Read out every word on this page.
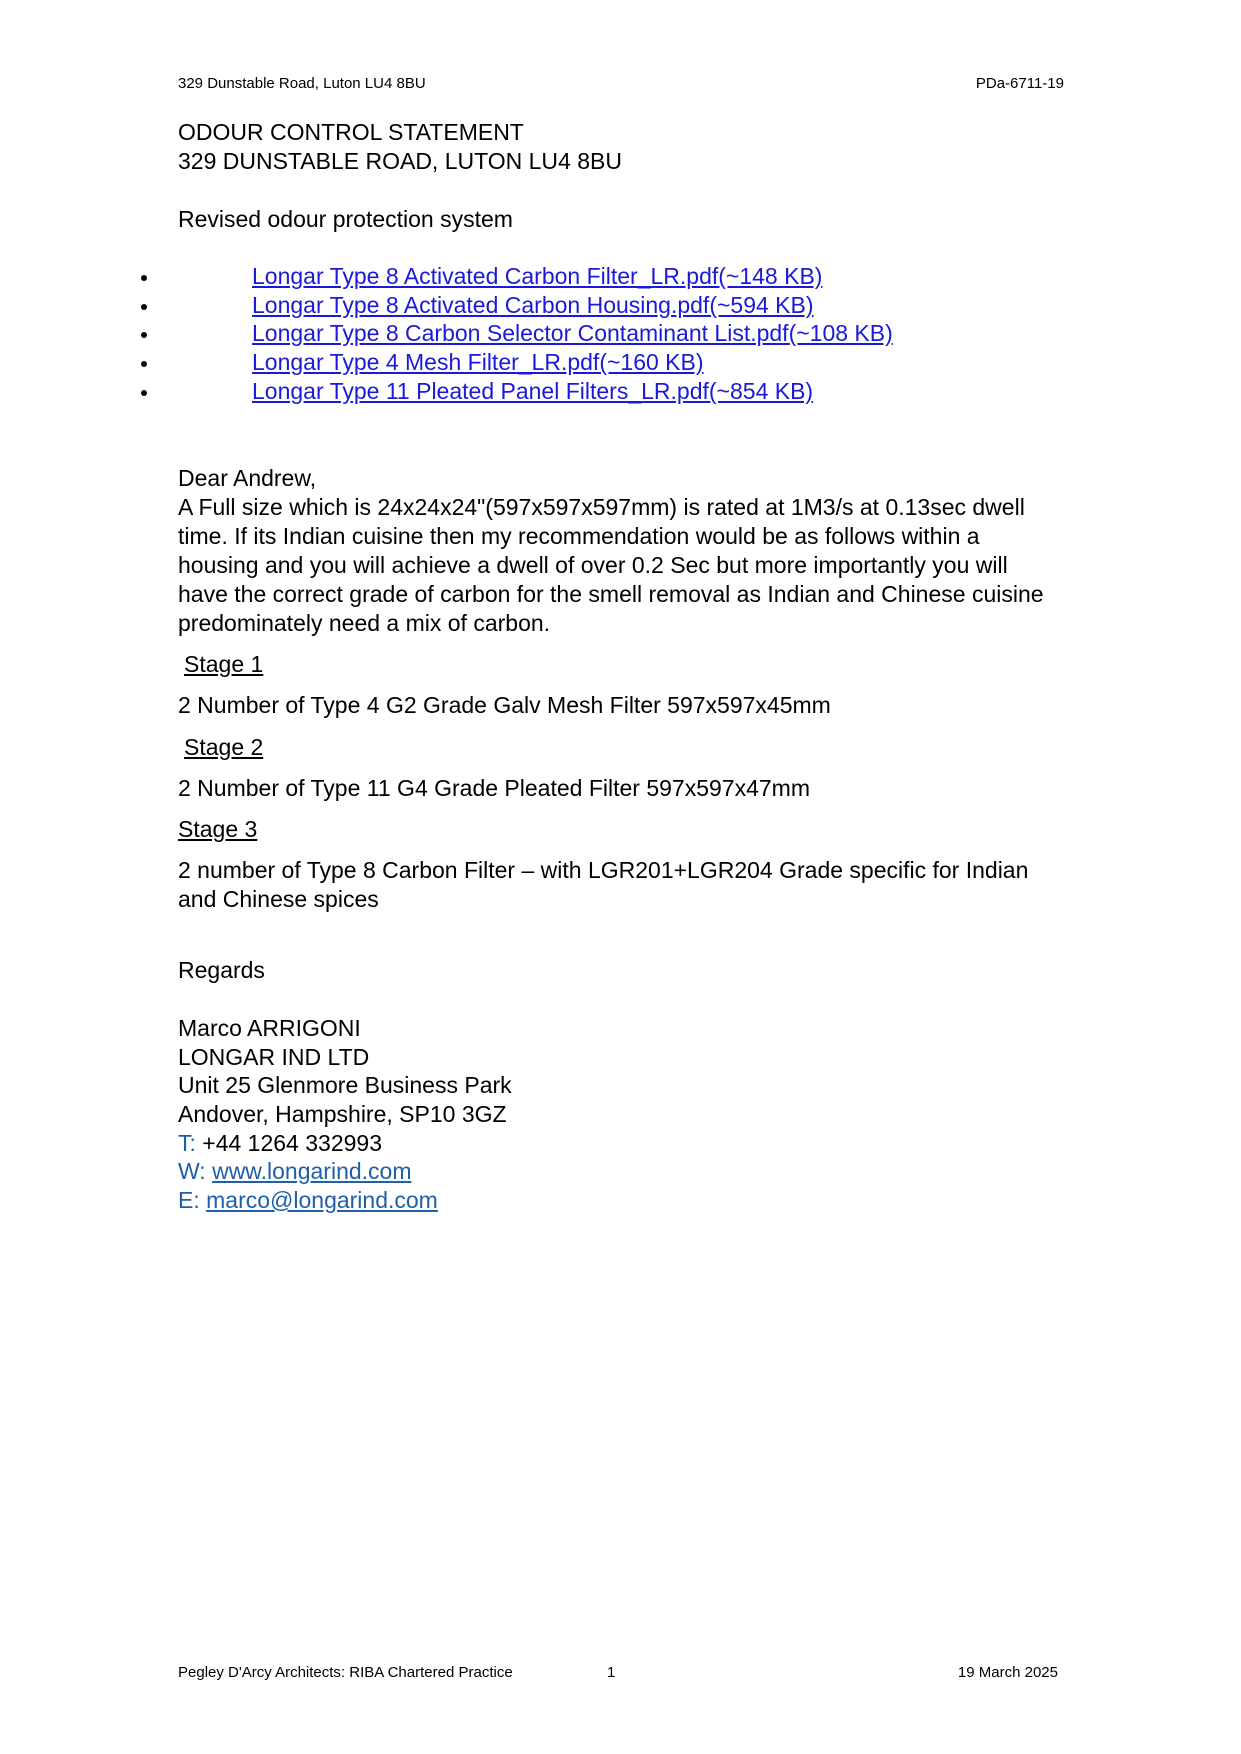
329 Dunstable Road, Luton LU4 8BU	PDa-6711-19
ODOUR CONTROL STATEMENT
329 DUNSTABLE ROAD, LUTON LU4 8BU
Revised odour protection system
Longar Type 8 Activated Carbon Filter_LR.pdf(~148 KB)
Longar Type 8 Activated Carbon Housing.pdf(~594 KB)
Longar Type 8 Carbon Selector Contaminant List.pdf(~108 KB)
Longar Type 4 Mesh Filter_LR.pdf(~160 KB)
Longar Type 11 Pleated Panel Filters_LR.pdf(~854 KB)
Dear Andrew,
A Full size which is 24x24x24"(597x597x597mm) is rated at 1M3/s at 0.13sec dwell time. If its Indian cuisine then my recommendation would be as follows within a housing and you will achieve a dwell of over 0.2 Sec but more importantly you will have the correct grade of carbon for the smell removal as Indian and Chinese cuisine predominately need a mix of carbon.
Stage 1
2 Number of Type 4 G2 Grade Galv Mesh Filter 597x597x45mm
Stage 2
2 Number of Type 11 G4 Grade Pleated Filter 597x597x47mm
Stage 3
2 number of Type 8 Carbon Filter – with LGR201+LGR204 Grade specific for Indian and Chinese spices
Regards
Marco ARRIGONI
LONGAR IND LTD
Unit 25 Glenmore Business Park
Andover, Hampshire, SP10 3GZ
T: +44 1264 332993
W: www.longarind.com
E: marco@longarind.com
Pegley D'Arcy Architects: RIBA Chartered Practice	1	19 March 2025
